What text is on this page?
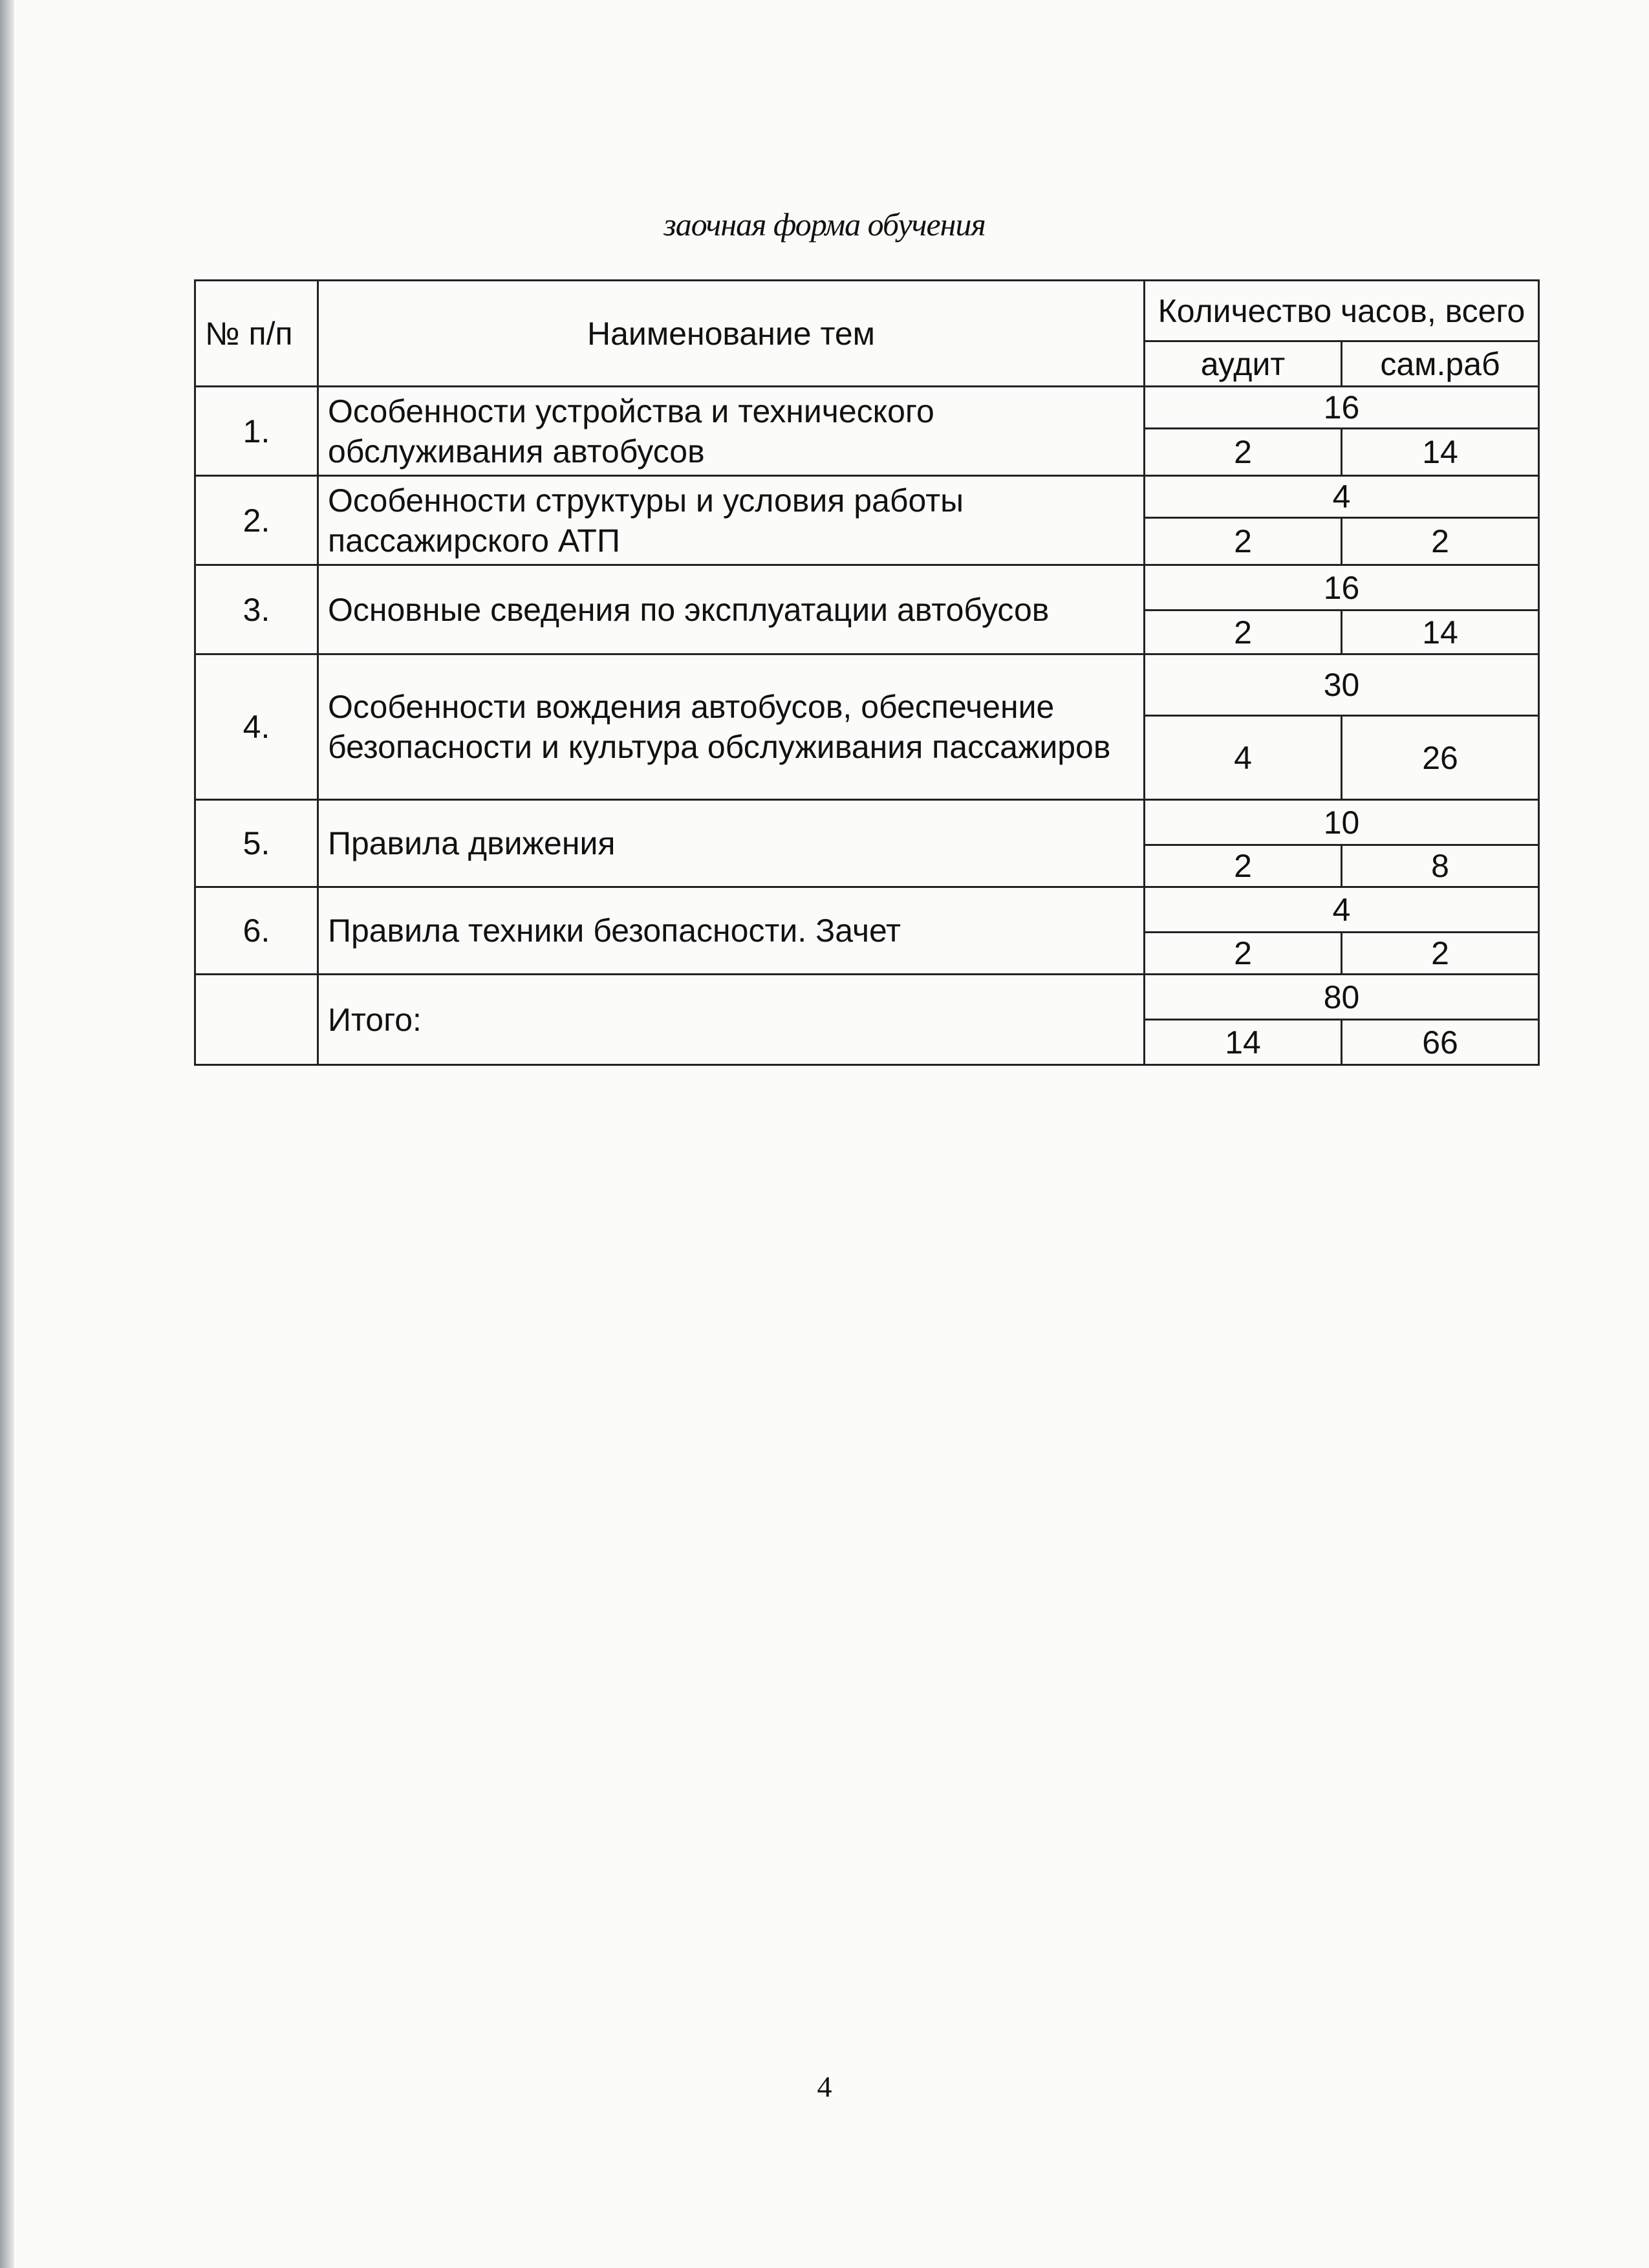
заочная форма обучения
№ п/п	Наименование тем	Количество часов, всего	
		аудит	сам.раб
1.	Особенности устройства и технического обслуживания автобусов	16	
		2	14
2.	Особенности структуры и условия работы пассажирского АТП	4	
		2	2
3.	Основные сведения по эксплуатации автобусов	16	
		2	14
4.	Особенности вождения автобусов, обеспечение безопасности и культура обслуживания пассажиров	30	
		4	26
5.	Правила движения	10	
		2	8
6.	Правила техники безопасности. Зачет	4	
		2	2
	Итого:	80	
		14	66
4
